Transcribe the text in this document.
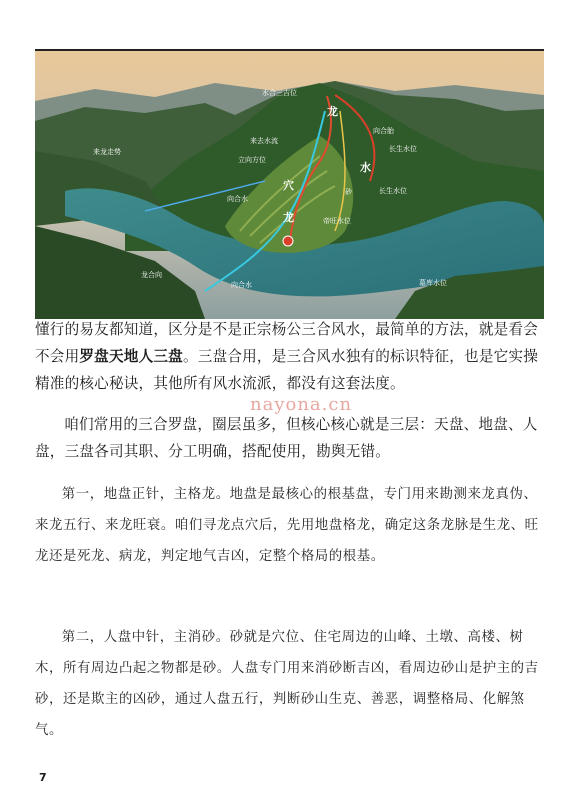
水合三吉位
龙
向合胎
来去水流
长生水位
来龙走势
立向方位
水
穴	砂	长生水位
向合水
龙	帝旺水位
龙合向
向合水	墓库水位

懂行的易友都知道，区分是不是正宗杨公三合风水，最简单的方法，就是看会不会用罗盘天地人三盘。三盘合用，是三合风水独有的标识特征，也是它实操精准的核心秘诀，其他所有风水流派，都没有这套法度。

咱们常用的三合罗盘，圈层虽多，但核心核心就是三层：天盘、地盘、人盘，三盘各司其职、分工明确，搭配使用，勘舆无错。

nayona.cn

第一，地盘正针，主格龙。地盘是最核心的根基盘，专门用来勘测来龙真伪、来龙五行、来龙旺衰。咱们寻龙点穴后，先用地盘格龙，确定这条龙脉是生龙、旺龙还是死龙、病龙，判定地气吉凶，定整个格局的根基。

第二，人盘中针，主消砂。砂就是穴位、住宅周边的山峰、土墩、高楼、树木，所有周边凸起之物都是砂。人盘专门用来消砂断吉凶，看周边砂山是护主的吉砂，还是欺主的凶砂，通过人盘五行，判断砂山生克、善恶，调整格局、化解煞气。

7
